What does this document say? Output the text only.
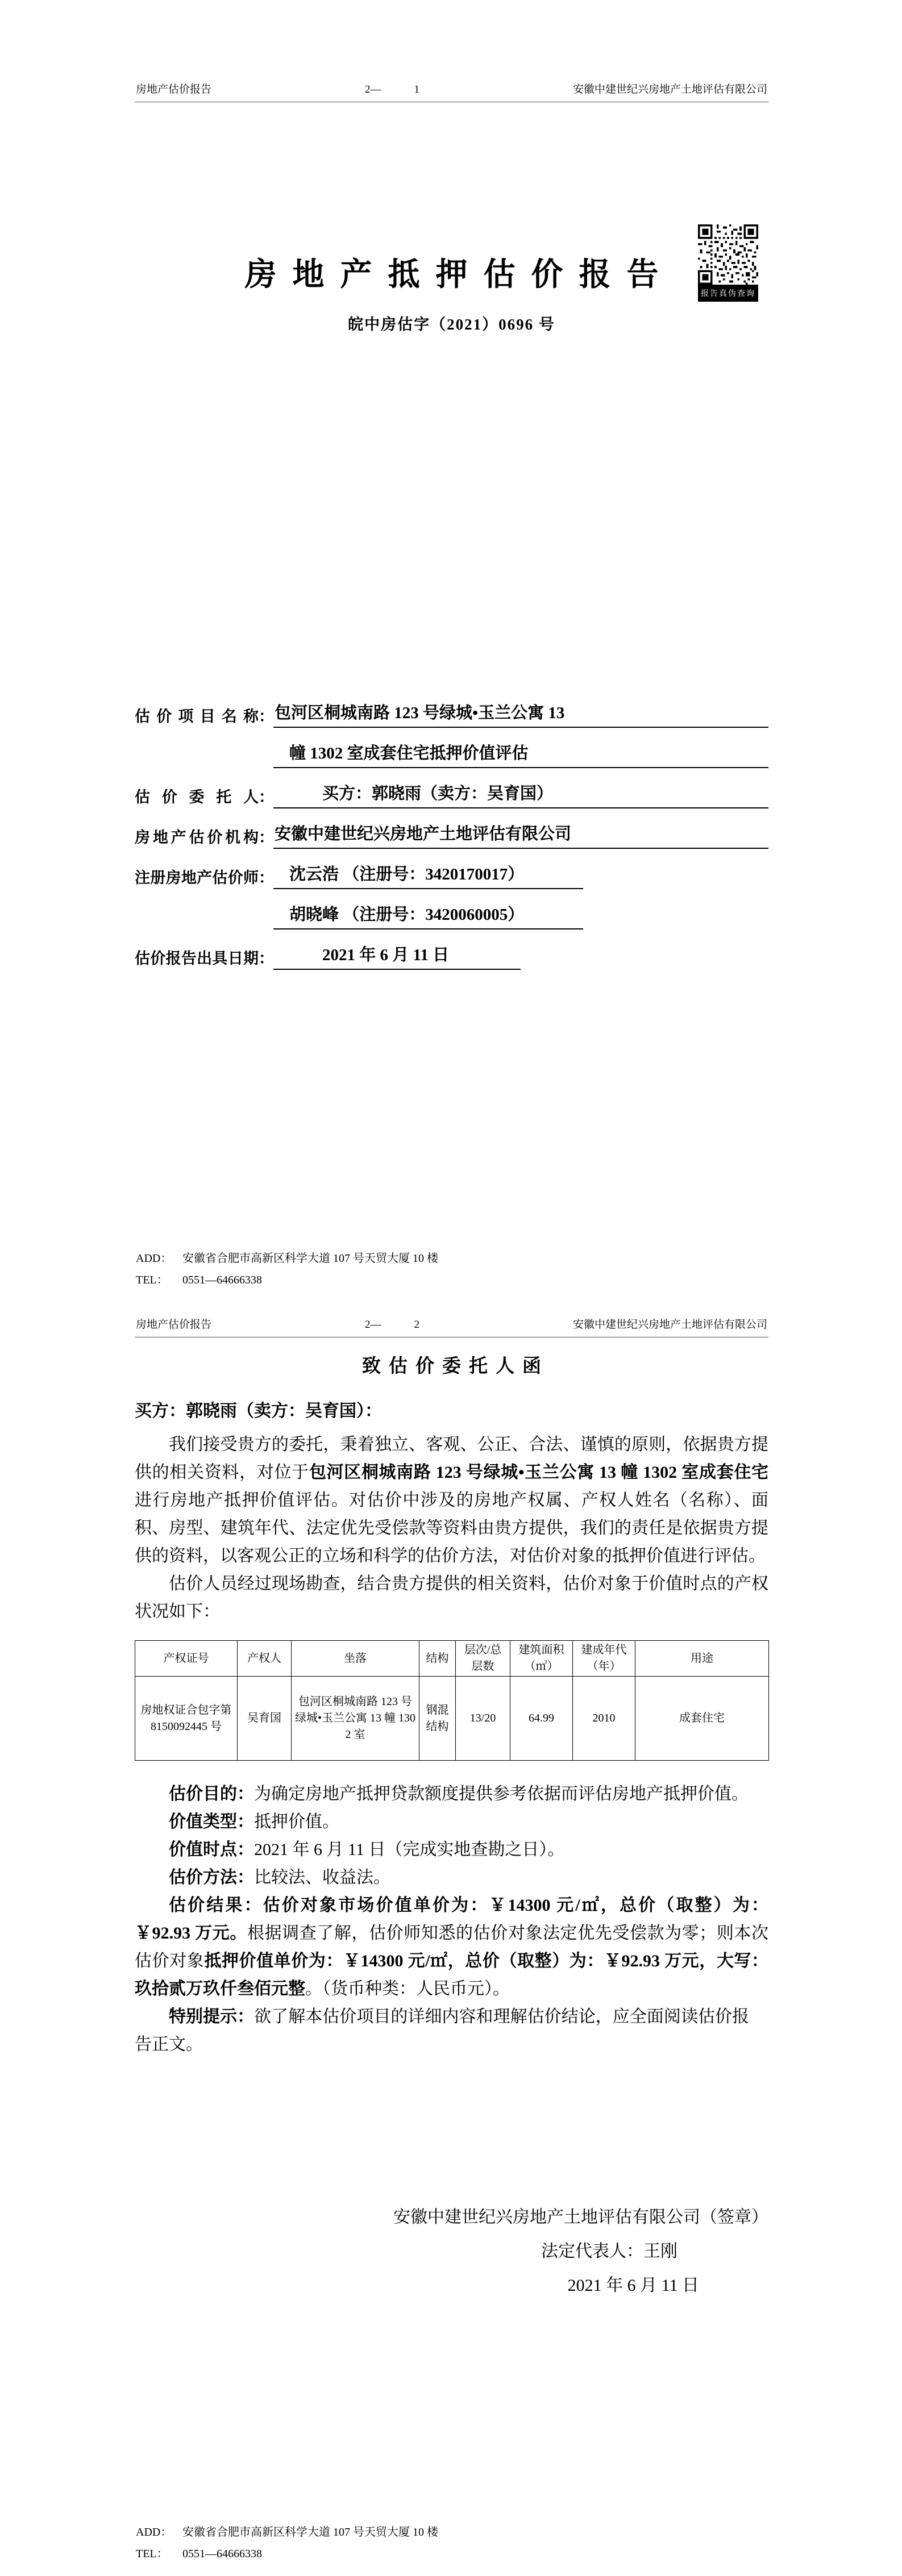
房地产估价报告	2—	1	安徽中建世纪兴房地产土地评估有限公司
报告真伪查询
房地产抵押估价报告
皖中房估字（2021）0696 号
估价项目名称 ： 包河区桐城南路 123 号绿城•玉兰公寓 13
幢 1302 室成套住宅抵押价值评估
估价委托人 ：	买方：郭晓雨（卖方：吴育国）
房地产估价机构 ： 安徽中建世纪兴房地产土地评估有限公司
注册房地产估价师 ： 沈云浩 （注册号：3420170017）
胡晓峰 （注册号：3420060005）
估价报告出具日期 ：	2021 年 6 月 11 日
ADD： 安徽省合肥市高新区科学大道 107 号天贸大厦 10 楼
TEL： 0551—64666338
房地产估价报告	2—	2	安徽中建世纪兴房地产土地评估有限公司
致估价委托人函
买方：郭晓雨（卖方：吴育国）：

我们接受贵方的委托，秉着独立、客观、公正、合法、谨慎的原则，依据贵方提供的相关资料，对位于包河区桐城南路 123 号绿城•玉兰公寓 13 幢 1302 室成套住宅进行房地产抵押价值评估。对估价中涉及的房地产权属、产权人姓名（名称）、面积、房型、建筑年代、法定优先受偿款等资料由贵方提供，我们的责任是依据贵方提供的资料，以客观公正的立场和科学的估价方法，对估价对象的抵押价值进行评估。

估价人员经过现场勘查，结合贵方提供的相关资料，估价对象于价值时点的产权状况如下：

产权证号	产权人	坐落	结构	层次/总层数	建筑面积（㎡）	建成年代（年）	用途
房地权证合包字第 8150092445 号	吴育国	包河区桐城南路 123 号绿城•玉兰公寓 13 幢 1302 室	钢混结构	13/20	64.99	2010	成套住宅

估价目的：为确定房地产抵押贷款额度提供参考依据而评估房地产抵押价值。

价值类型：抵押价值。

价值时点：2021 年 6 月 11 日（完成实地查勘之日）。

估价方法：比较法、收益法。

估价结果：估价对象市场价值单价为：￥14300 元/㎡，总价（取整）为：￥92.93 万元。根据调查了解，估价师知悉的估价对象法定优先受偿款为零；则本次估价对象抵押价值单价为：￥14300 元/㎡，总价（取整）为：￥92.93 万元，大写：玖拾贰万玖仟叁佰元整。（货币种类：人民币元）。

特别提示：欲了解本估价项目的详细内容和理解估价结论，应全面阅读估价报告正文。

安徽中建世纪兴房地产土地评估有限公司（签章）
法定代表人：王刚
2021 年 6 月 11 日
ADD： 安徽省合肥市高新区科学大道 107 号天贸大厦 10 楼
TEL： 0551—64666338
